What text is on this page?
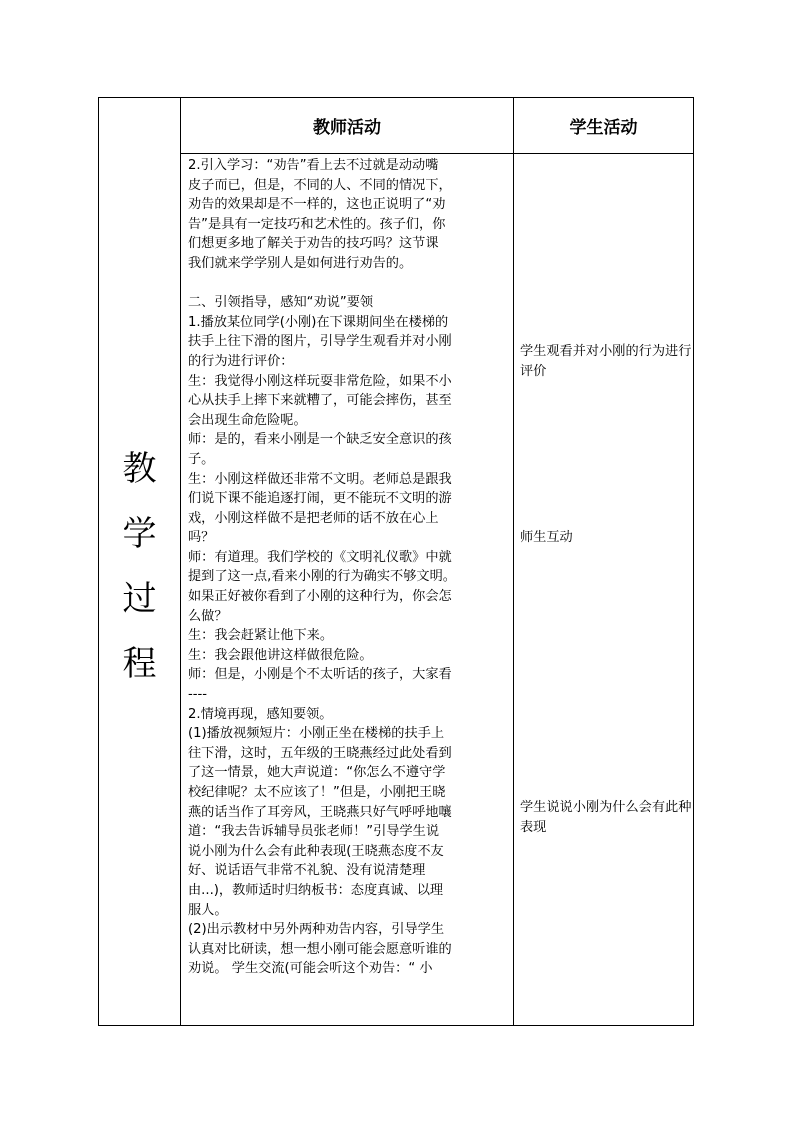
教师活动	学生活动
教
学
过
程
2.引入学习：“劝告”看上去不过就是动动嘴
皮子而已，但是，不同的人、不同的情况下，
劝告的效果却是不一样的，这也正说明了“劝
告”是具有一定技巧和艺术性的。孩子们，你
们想更多地了解关于劝告的技巧吗？这节课
我们就来学学别人是如何进行劝告的。
二、引领指导，感知“劝说”要领
1.播放某位同学(小刚)在下课期间坐在楼梯的
扶手上往下滑的图片，引导学生观看并对小刚
的行为进行评价：
生：我觉得小刚这样玩耍非常危险，如果不小
心从扶手上摔下来就糟了，可能会摔伤，甚至
会出现生命危险呢。
师：是的，看来小刚是一个缺乏安全意识的孩
子。
生：小刚这样做还非常不文明。老师总是跟我
们说下课不能追逐打闹，更不能玩不文明的游
戏，小刚这样做不是把老师的话不放在心上
吗？
师：有道理。我们学校的《文明礼仪歌》中就
提到了这一点,看来小刚的行为确实不够文明。
如果正好被你看到了小刚的这种行为，你会怎
么做？
生：我会赶紧让他下来。
生：我会跟他讲这样做很危险。
师：但是，小刚是个不太听话的孩子，大家看
----
2.情境再现，感知要领。
(1)播放视频短片：小刚正坐在楼梯的扶手上
往下滑，这时，五年级的王晓燕经过此处看到
了这一情景，她大声说道：“你怎么不遵守学
校纪律呢？太不应该了！”但是，小刚把王晓
燕的话当作了耳旁风，王晓燕只好气呼呼地嚷
道：“我去告诉辅导员张老师！”引导学生说
说小刚为什么会有此种表现(王晓燕态度不友
好、说话语气非常不礼貌、没有说清楚理
由...)，教师适时归纳板书：态度真诚、以理
服人。
(2)出示教材中另外两种劝告内容，引导学生
认真对比研读，想一想小刚可能会愿意听谁的
劝说。 学生交流(可能会听这个劝告：“ 小
学生观看并对小刚的行为进行评价
师生互动
学生说说小刚为什么会有此种表现
